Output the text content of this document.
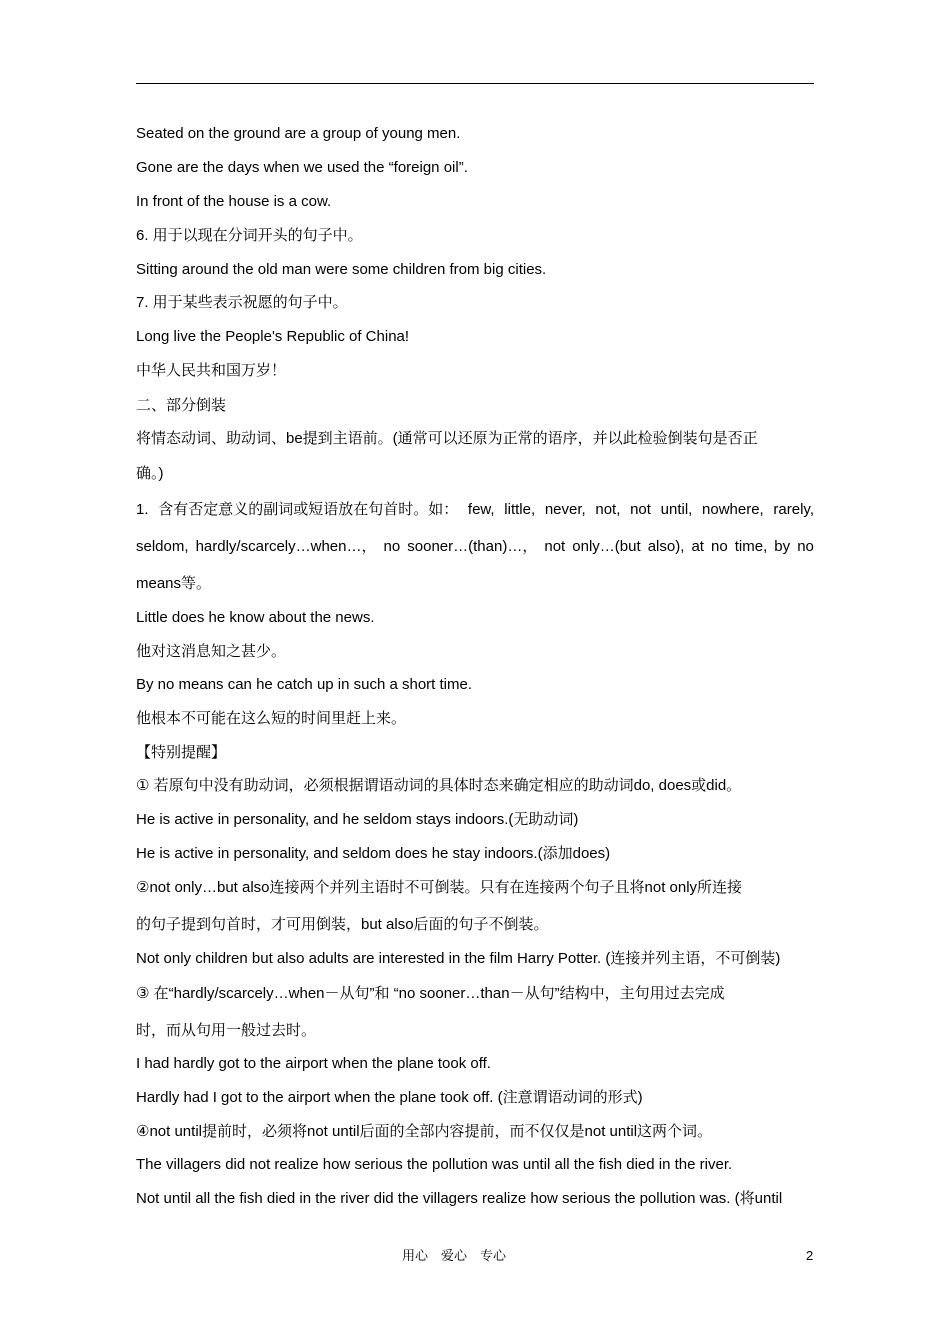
Seated on the ground are a group of young men.
Gone are the days when we used the “foreign oil”.
In front of the house is a cow.
6. 用于以现在分词开头的句子中。
Sitting around the old man were some children from big cities.
7. 用于某些表示祝愿的句子中。
Long live the People's Republic of China!
中华人民共和国万岁！
二、部分倒装
将情态动词、助动词、be提到主语前。(通常可以还原为正常的语序，并以此检验倒装句是否正
确。)
1. 含有否定意义的副词或短语放在句首时。如： few, little, never, not, not until, nowhere, rarely,
seldom, hardly/scarcely…when…， no sooner…(than)…， not only…(but also), at no time, by no
means等。
Little does he know about the news.
他对这消息知之甚少。
By no means can he catch up in such a short time.
他根本不可能在这么短的时间里赶上来。
【特别提醒】
① 若原句中没有助动词，必须根据谓语动词的具体时态来确定相应的助动词do, does或did。
He is active in personality, and he seldom stays indoors.(无助动词)
He is active in personality, and seldom does he stay indoors.(添加does)
②not only…but also连接两个并列主语时不可倒装。只有在连接两个句子且将not only所连接
的句子提到句首时，才可用倒装，but also后面的句子不倒装。
Not only children but also adults are interested in the film Harry Potter. (连接并列主语，不可倒装)
③ 在“hardly/scarcely…when－从句”和 “no sooner…than－从句”结构中，主句用过去完成
时，而从句用一般过去时。
I had hardly got to the airport when the plane took off.
Hardly had I got to the airport when the plane took off. (注意谓语动词的形式)
④not until提前时，必须将not until后面的全部内容提前，而不仅仅是not until这两个词。
The villagers did not realize how serious the pollution was until all the fish died in the river.
Not until all the fish died in the river did the villagers realize how serious the pollution was. (将until
用心　爱心　专心	2
